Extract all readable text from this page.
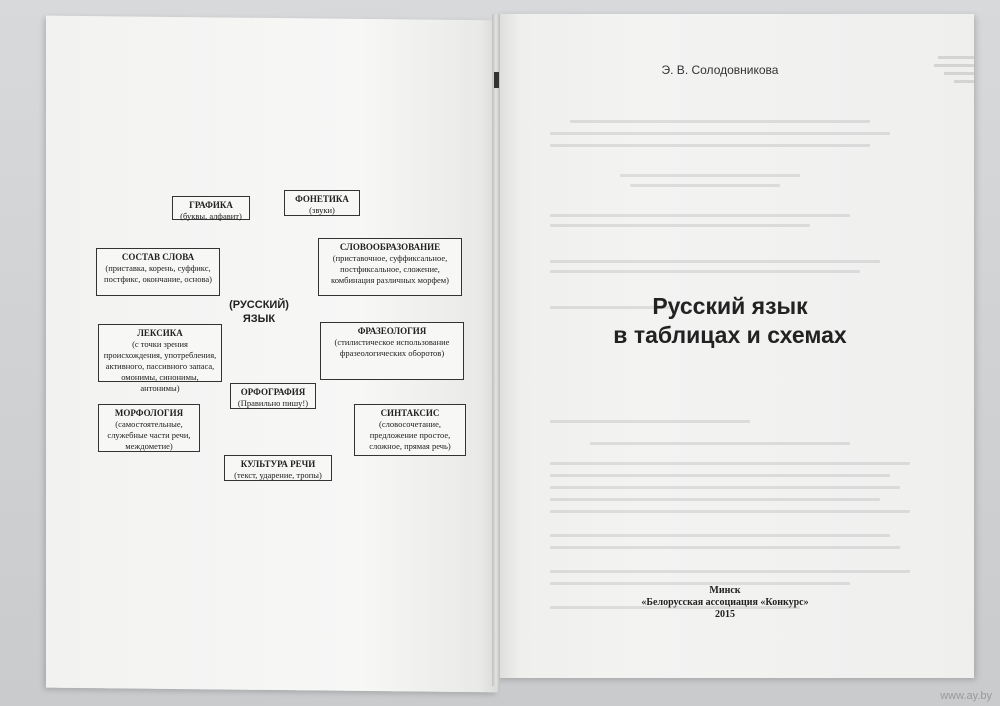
ГРАФИКА
(буквы, алфавит)
ФОНЕТИКА
(звуки)
СОСТАВ СЛОВА
(приставка, корень, суффикс, постфикс, окончание, основа)
СЛОВООБРАЗОВАНИЕ
(приставочное, суффиксальное, постфиксальное, сложение, комбинация различных морфем)
(РУССКИЙ) ЯЗЫК
ЛЕКСИКА
(с точки зрения происхождения, употребления, активного, пассивного запаса, омонимы, синонимы, антонимы)
ФРАЗЕОЛОГИЯ
(стилистическое использование фразеологических оборотов)
ОРФОГРАФИЯ
(Правильно пишу!)
МОРФОЛОГИЯ
(самостоятельные, служебные части речи, междометие)
СИНТАКСИС
(словосочетание, предложение простое, сложное, прямая речь)
КУЛЬТУРА РЕЧИ
(текст, ударение, тропы)
Э. В. Солодовникова
Русский язык
в таблицах и схемах
Минск
«Белорусская ассоциация «Конкурс»
2015
www.ay.by
